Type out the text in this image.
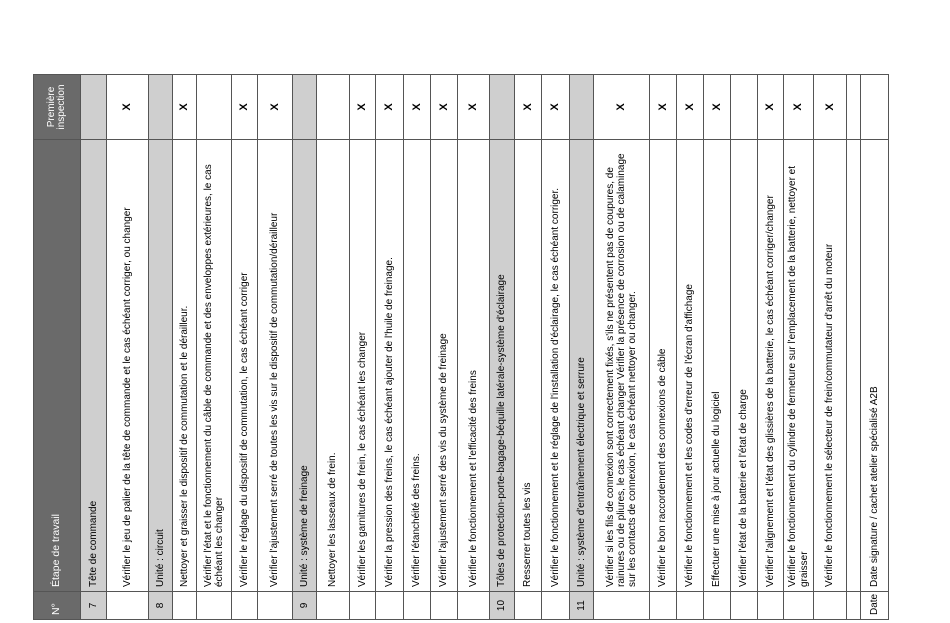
N°	Étape de travail	Première inspection
7	Tête de commande	
	Vérifier le jeu de palier de la tête de commande et le cas échéant corriger, ou changer	X
8	Unité : circuit	
	Nettoyer et graisser le dispositif de commutation et le dérailleur.	X
	Vérifier l'état et le fonctionnement du câble de commande et des enveloppes extérieures, le cas échéant les changer	
	Vérifier le réglage du dispositif de commutation, le cas échéant corriger	X
	Vérifier l'ajustement serré de toutes les vis sur le dispositif de commutation/dérailleur	X
9	Unité : système de freinage	
	Nettoyer les lasseaux de frein.	
	Vérifier les garnitures de frein, le cas échéant les changer	X
	Vérifier la pression des freins, le cas échéant ajouter de l'huile de freinage.	X
	Vérifier l'étanchéité des freins.	X
	Vérifier l'ajustement serré des vis du système de freinage	X
	Vérifier le fonctionnement et l'efficacité des freins	X
10	Tôles de protection-porte-bagage-béquille latérale-système d'éclairage	
	Resserrer toutes les vis	X
	Vérifier le fonctionnement et le réglage de l'installation d'éclairage, le cas échéant corriger.	X
11	Unité : système d'entraînement électrique et serrure	
	Vérifier si les fils de connexion sont correctement fixés, s'ils ne présentent pas de coupures, de rainures ou de pliures, le cas échéant changer Vérifier la présence de corrosion ou de calaminage sur les contacts de connexion, le cas échéant nettoyer ou changer.	X
	Vérifier le bon raccordement des connexions de câble	X
	Vérifier le fonctionnement et les codes d'erreur de l'écran d'affichage	X
	Effectuer une mise à jour actuelle du logiciel	X
	Vérifier l'état de la batterie et l'état de charge	
	Vérifier l'alignement et l'état des glissières de la batterie, le cas échéant corriger/changer	X
	Vérifier le fonctionnement du cylindre de fermeture sur l'emplacement de la batterie, nettoyer et graisser	X
	Vérifier le fonctionnement le sélecteur de frein/commutateur d'arrêt du moteur	X

Date	Date signature / cachet atelier spécialisé A2B	
